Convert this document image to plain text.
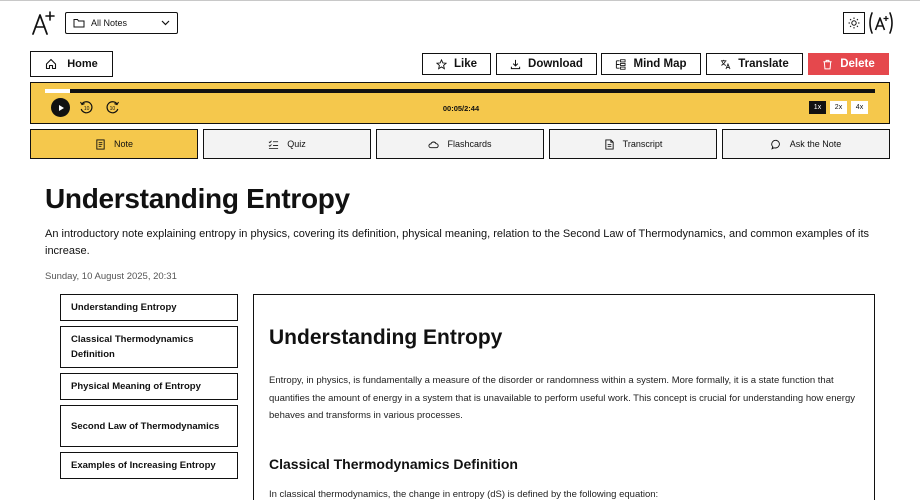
All Notes
Home	Like	Download	Mind Map	Translate	Delete
10	10	00:05/2:44	1x	2x	4x
Note	Quiz	Flashcards	Transcript	Ask the Note
Understanding Entropy

An introductory note explaining entropy in physics, covering its definition, physical meaning, relation to the Second Law of Thermodynamics, and common examples of its increase.

Sunday, 10 August 2025, 20:31
Understanding Entropy
Classical Thermodynamics Definition
Physical Meaning of Entropy
Second Law of Thermodynamics
Examples of Increasing Entropy
Understanding Entropy

Entropy, in physics, is fundamentally a measure of the disorder or randomness within a system. More formally, it is a state function that quantifies the amount of energy in a system that is unavailable to perform useful work. This concept is crucial for understanding how energy behaves and transforms in various processes.

Classical Thermodynamics Definition

In classical thermodynamics, the change in entropy (dS) is defined by the following equation:
